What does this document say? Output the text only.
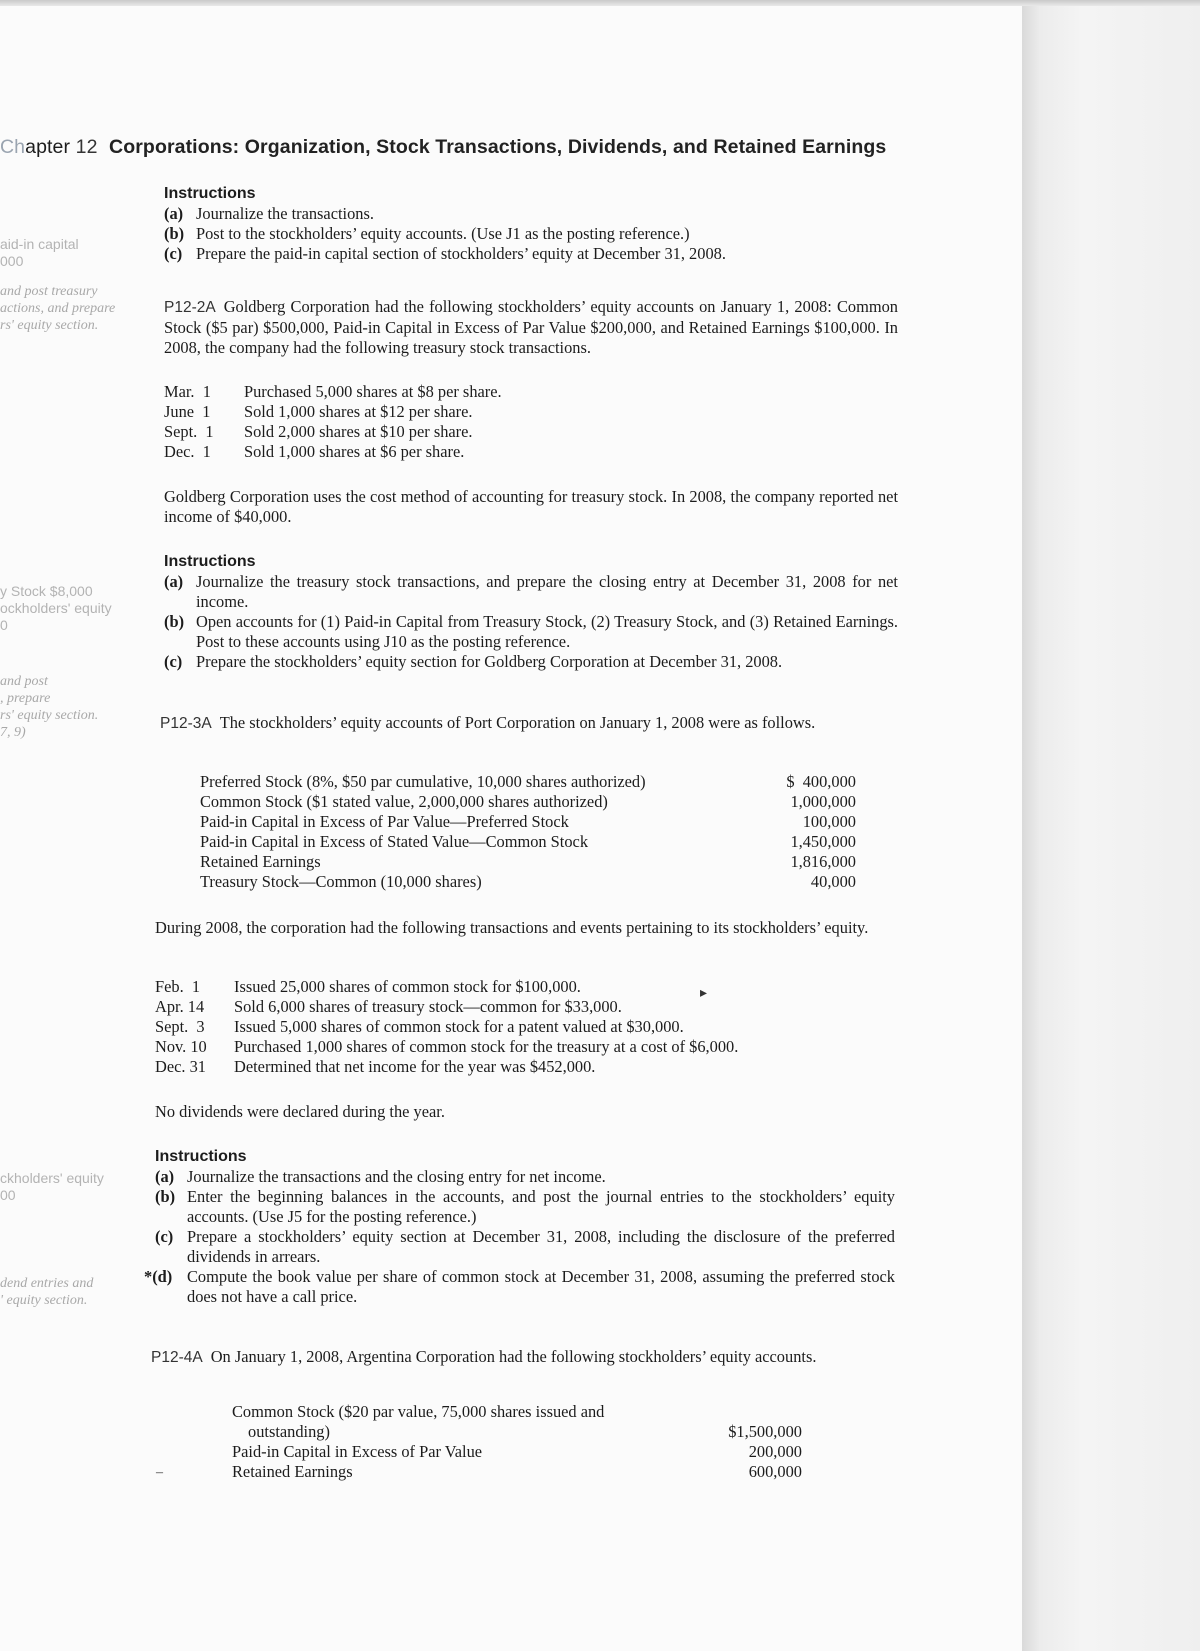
Chapter 12 Corporations: Organization, Stock Transactions, Dividends, and Retained Earnings
aid-in capital
000
and post treasury
actions, and prepare
rs' equity section.
y Stock $8,000
ockholders' equity
0
and post
, prepare
rs' equity section.
7, 9)
ckholders' equity
00
dend entries and
' equity section.
Instructions
(a) Journalize the transactions.
(b) Post to the stockholders’ equity accounts. (Use J1 as the posting reference.)
(c) Prepare the paid-in capital section of stockholders’ equity at December 31, 2008.
P12-2A Goldberg Corporation had the following stockholders’ equity accounts on January 1, 2008: Common Stock ($5 par) $500,000, Paid-in Capital in Excess of Par Value $200,000, and Retained Earnings $100,000. In 2008, the company had the following treasury stock transactions.
Mar.  1	Purchased 5,000 shares at $8 per share.
June  1	Sold 1,000 shares at $12 per share.
Sept.  1	Sold 2,000 shares at $10 per share.
Dec.  1	Sold 1,000 shares at $6 per share.
Goldberg Corporation uses the cost method of accounting for treasury stock. In 2008, the company reported net income of $40,000.
Instructions
(a) Journalize the treasury stock transactions, and prepare the closing entry at December 31, 2008 for net income.
(b) Open accounts for (1) Paid-in Capital from Treasury Stock, (2) Treasury Stock, and (3) Retained Earnings. Post to these accounts using J10 as the posting reference.
(c) Prepare the stockholders’ equity section for Goldberg Corporation at December 31, 2008.
P12-3A The stockholders’ equity accounts of Port Corporation on January 1, 2008 were as follows.
Preferred Stock (8%, $50 par cumulative, 10,000 shares authorized)	$  400,000
Common Stock ($1 stated value, 2,000,000 shares authorized)	1,000,000
Paid-in Capital in Excess of Par Value—Preferred Stock	100,000
Paid-in Capital in Excess of Stated Value—Common Stock	1,450,000
Retained Earnings	1,816,000
Treasury Stock—Common (10,000 shares)	40,000
During 2008, the corporation had the following transactions and events pertaining to its stockholders’ equity.
Feb.  1	Issued 25,000 shares of common stock for $100,000.
Apr. 14	Sold 6,000 shares of treasury stock—common for $33,000.
Sept.  3	Issued 5,000 shares of common stock for a patent valued at $30,000.
Nov. 10	Purchased 1,000 shares of common stock for the treasury at a cost of $6,000.
Dec. 31	Determined that net income for the year was $452,000.
No dividends were declared during the year.
Instructions
(a) Journalize the transactions and the closing entry for net income.
(b) Enter the beginning balances in the accounts, and post the journal entries to the stockholders’ equity accounts. (Use J5 for the posting reference.)
(c) Prepare a stockholders’ equity section at December 31, 2008, including the disclosure of the preferred dividends in arrears.
*(d) Compute the book value per share of common stock at December 31, 2008, assuming the preferred stock does not have a call price.
P12-4A On January 1, 2008, Argentina Corporation had the following stockholders’ equity accounts.
Common Stock ($20 par value, 75,000 shares issued and outstanding)	$1,500,000
Paid-in Capital in Excess of Par Value	200,000
Retained Earnings	600,000
▸
‒
